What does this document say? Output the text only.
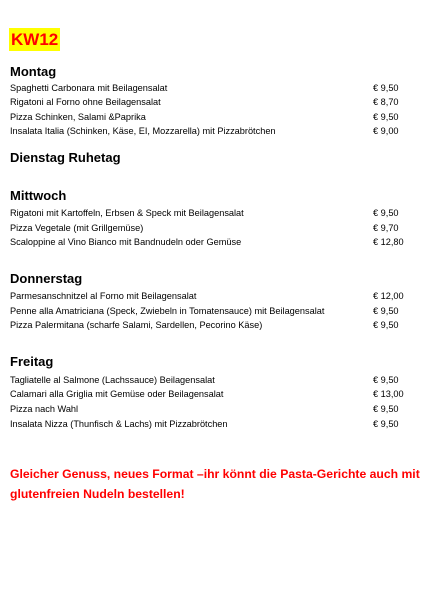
KW12
Montag
Spaghetti Carbonara mit Beilagensalat	€ 9,50
Rigatoni al Forno ohne Beilagensalat	€ 8,70
Pizza Schinken, Salami &Paprika	€ 9,50
Insalata Italia (Schinken, Käse, EI, Mozzarella) mit Pizzabrötchen	€ 9,00
Dienstag Ruhetag
Mittwoch
Rigatoni mit Kartoffeln, Erbsen & Speck mit Beilagensalat	€ 9,50
Pizza Vegetale (mit Grillgemüse)	€ 9,70
Scaloppine al Vino Bianco mit Bandnudeln oder Gemüse	€ 12,80
Donnerstag
Parmesanschnitzel al Forno mit Beilagensalat	€ 12,00
Penne alla Amatriciana (Speck, Zwiebeln in Tomatensauce) mit Beilagensalat	€ 9,50
Pizza Palermitana (scharfe Salami, Sardellen, Pecorino Käse)	€ 9,50
Freitag
Tagliatelle al Salmone (Lachssauce) Beilagensalat	€ 9,50
Calamari alla Griglia mit Gemüse oder Beilagensalat	€ 13,00
Pizza nach Wahl	€ 9,50
Insalata Nizza (Thunfisch & Lachs) mit Pizzabrötchen	€ 9,50
Gleicher Genuss, neues Format –ihr könnt die Pasta-Gerichte auch mit glutenfreien Nudeln bestellen!
